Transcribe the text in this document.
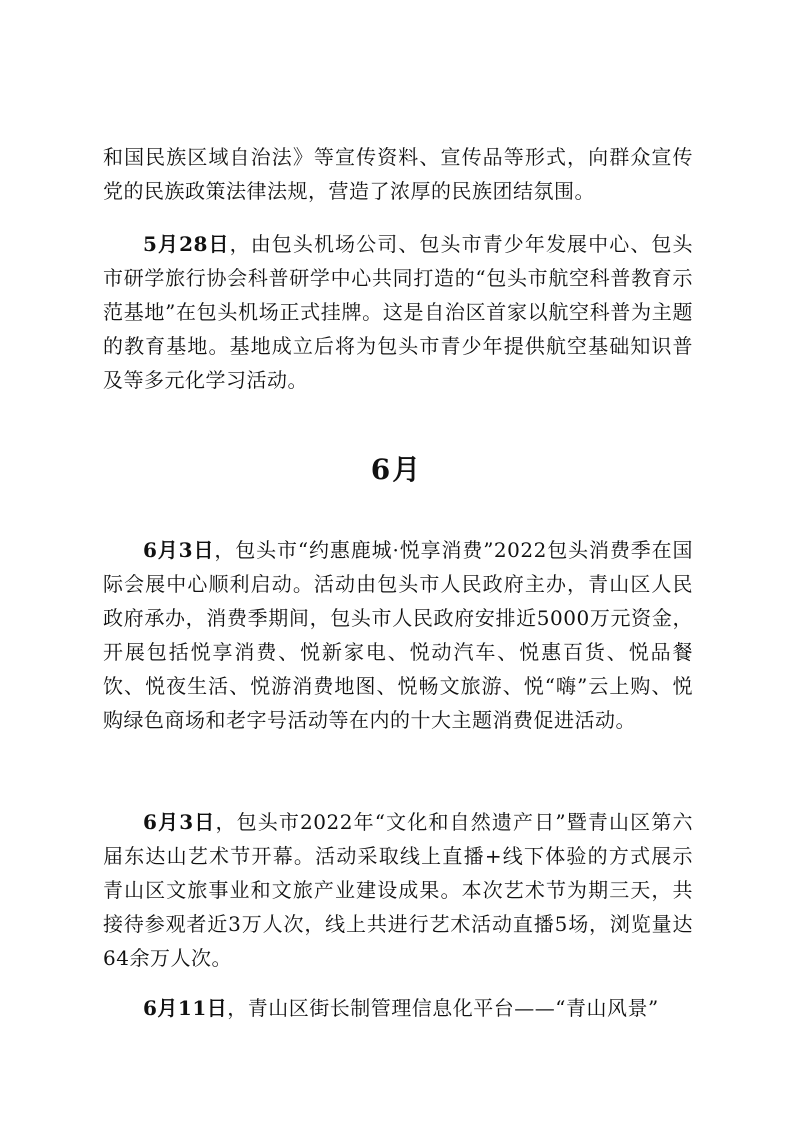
和国民族区域自治法》等宣传资料、宣传品等形式，向群众宣传党的民族政策法律法规，营造了浓厚的民族团结氛围。

5月28日，由包头机场公司、包头市青少年发展中心、包头市研学旅行协会科普研学中心共同打造的“包头市航空科普教育示范基地”在包头机场正式挂牌。这是自治区首家以航空科普为主题的教育基地。基地成立后将为包头市青少年提供航空基础知识普及等多元化学习活动。

6月

6月3日，包头市“约惠鹿城·悦享消费”2022包头消费季在国际会展中心顺利启动。活动由包头市人民政府主办，青山区人民政府承办，消费季期间，包头市人民政府安排近5000万元资金，开展包括悦享消费、悦新家电、悦动汽车、悦惠百货、悦品餐饮、悦夜生活、悦游消费地图、悦畅文旅游、悦“嗨”云上购、悦购绿色商场和老字号活动等在内的十大主题消费促进活动。

6月3日，包头市2022年“文化和自然遗产日”暨青山区第六届东达山艺术节开幕。活动采取线上直播+线下体验的方式展示青山区文旅事业和文旅产业建设成果。本次艺术节为期三天，共接待参观者近3万人次，线上共进行艺术活动直播5场，浏览量达64余万人次。

6月11日，青山区街长制管理信息化平台——“青山风景”
